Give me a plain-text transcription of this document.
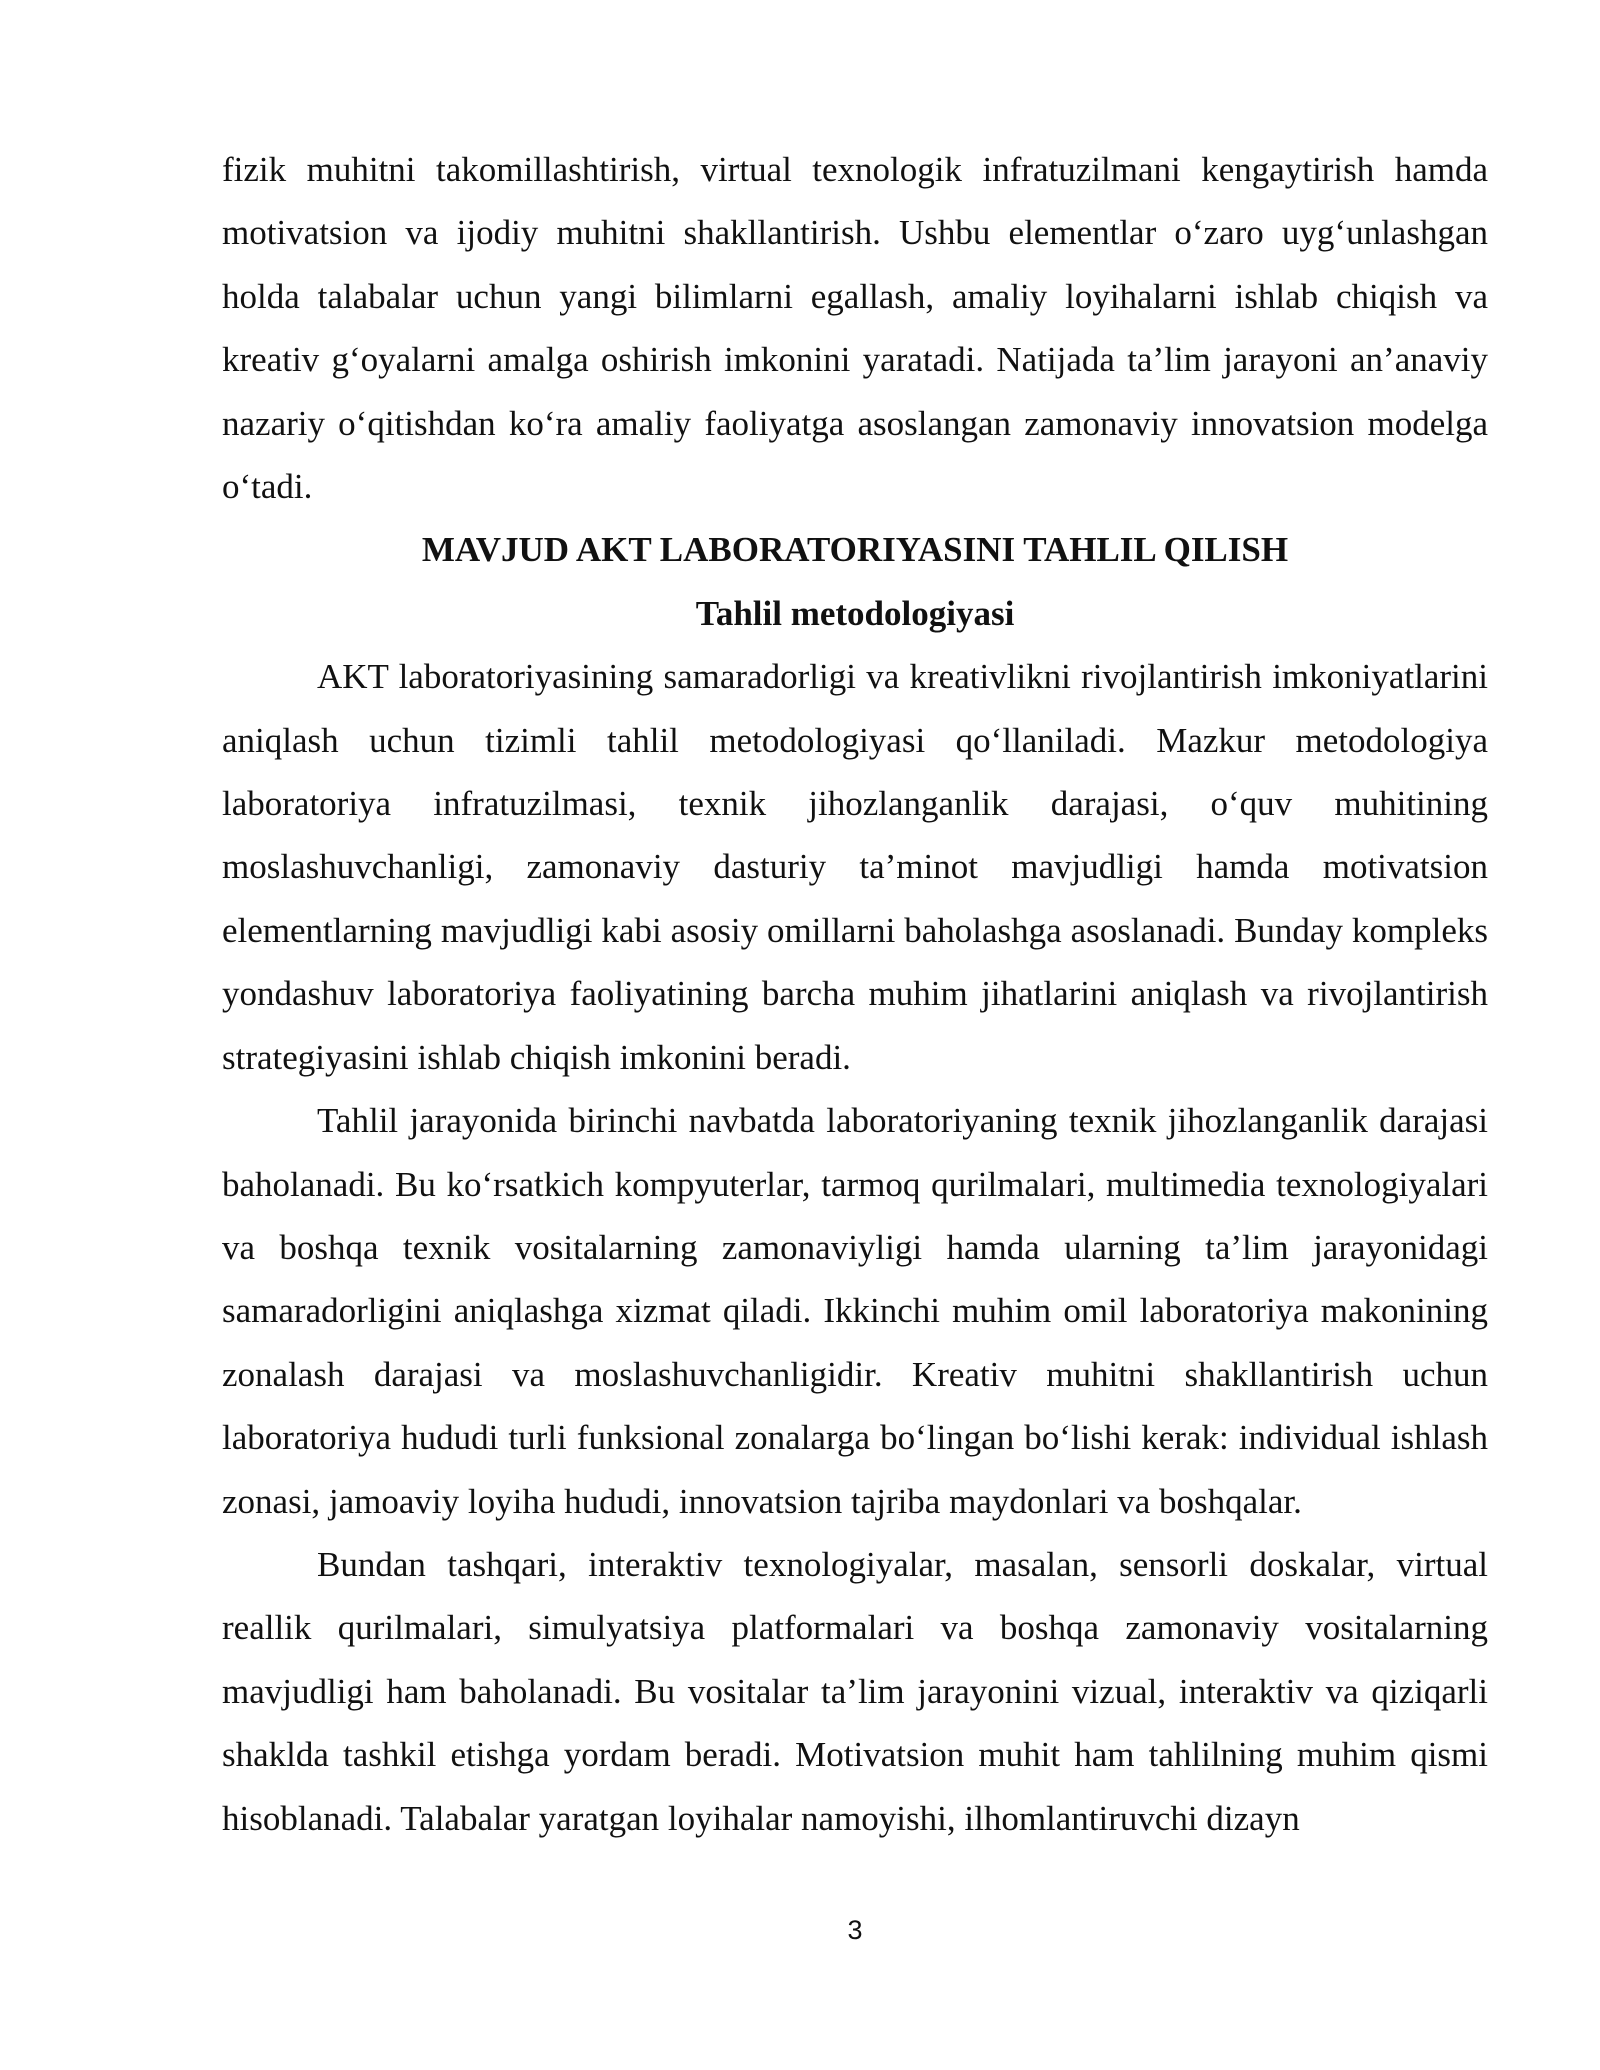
fizik muhitni takomillashtirish, virtual texnologik infratuzilmani kengaytirish hamda motivatsion va ijodiy muhitni shakllantirish. Ushbu elementlar o‘zaro uyg‘unlashgan holda talabalar uchun yangi bilimlarni egallash, amaliy loyihalarni ishlab chiqish va kreativ g‘oyalarni amalga oshirish imkonini yaratadi. Natijada ta’lim jarayoni an’anaviy nazariy o‘qitishdan ko‘ra amaliy faoliyatga asoslangan zamonaviy innovatsion modelga o‘tadi.

MAVJUD AKT LABORATORIYASINI TAHLIL QILISH
Tahlil metodologiyasi

AKT laboratoriyasining samaradorligi va kreativlikni rivojlantirish imkoniyatlarini aniqlash uchun tizimli tahlil metodologiyasi qo‘llaniladi. Mazkur metodologiya laboratoriya infratuzilmasi, texnik jihozlanganlik darajasi, o‘quv muhitining moslashuvchanligi, zamonaviy dasturiy ta’minot mavjudligi hamda motivatsion elementlarning mavjudligi kabi asosiy omillarni baholashga asoslanadi. Bunday kompleks yondashuv laboratoriya faoliyatining barcha muhim jihatlarini aniqlash va rivojlantirish strategiyasini ishlab chiqish imkonini beradi.

Tahlil jarayonida birinchi navbatda laboratoriyaning texnik jihozlanganlik darajasi baholanadi. Bu ko‘rsatkich kompyuterlar, tarmoq qurilmalari, multimedia texnologiyalari va boshqa texnik vositalarning zamonaviyligi hamda ularning ta’lim jarayonidagi samaradorligini aniqlashga xizmat qiladi. Ikkinchi muhim omil laboratoriya makonining zonalash darajasi va moslashuvchanligidir. Kreativ muhitni shakllantirish uchun laboratoriya hududi turli funksional zonalarga bo‘lingan bo‘lishi kerak: individual ishlash zonasi, jamoaviy loyiha hududi, innovatsion tajriba maydonlari va boshqalar.

Bundan tashqari, interaktiv texnologiyalar, masalan, sensorli doskalar, virtual reallik qurilmalari, simulyatsiya platformalari va boshqa zamonaviy vositalarning mavjudligi ham baholanadi. Bu vositalar ta’lim jarayonini vizual, interaktiv va qiziqarli shaklda tashkil etishga yordam beradi. Motivatsion muhit ham tahlilning muhim qismi hisoblanadi. Talabalar yaratgan loyihalar namoyishi, ilhomlantiruvchi dizayn

3
